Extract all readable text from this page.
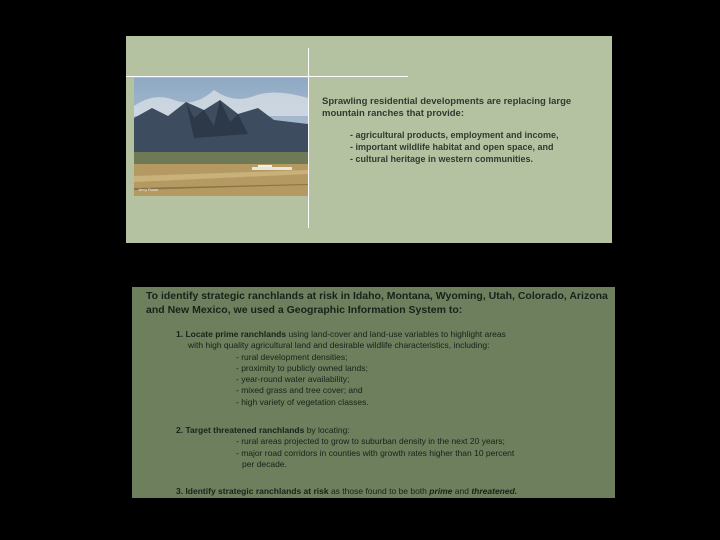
Jerry Rowe
Sprawling residential developments are replacing large mountain ranches that provide:
- agricultural products, employment and income,
- important wildlife habitat and open space, and
- cultural heritage in western communities.
To identify strategic ranchlands at risk in Idaho, Montana, Wyoming, Utah, Colorado, Arizona and New Mexico, we used a Geographic Information System to:
1. Locate prime ranchlands using land-cover and land-use variables to highlight areas
with high quality agricultural land and desirable wildlife characteristics, including:
- rural development densities;
- proximity to publicly owned lands;
- year-round water availability;
- mixed grass and tree cover; and
- high variety of vegetation classes.
2. Target threatened ranchlands by locating:
- rural areas projected to grow to suburban density in the next 20 years;
- major road corridors in counties with growth rates higher than 10 percent
per decade.
3. Identify strategic ranchlands at risk as those found to be both prime and threatened.
